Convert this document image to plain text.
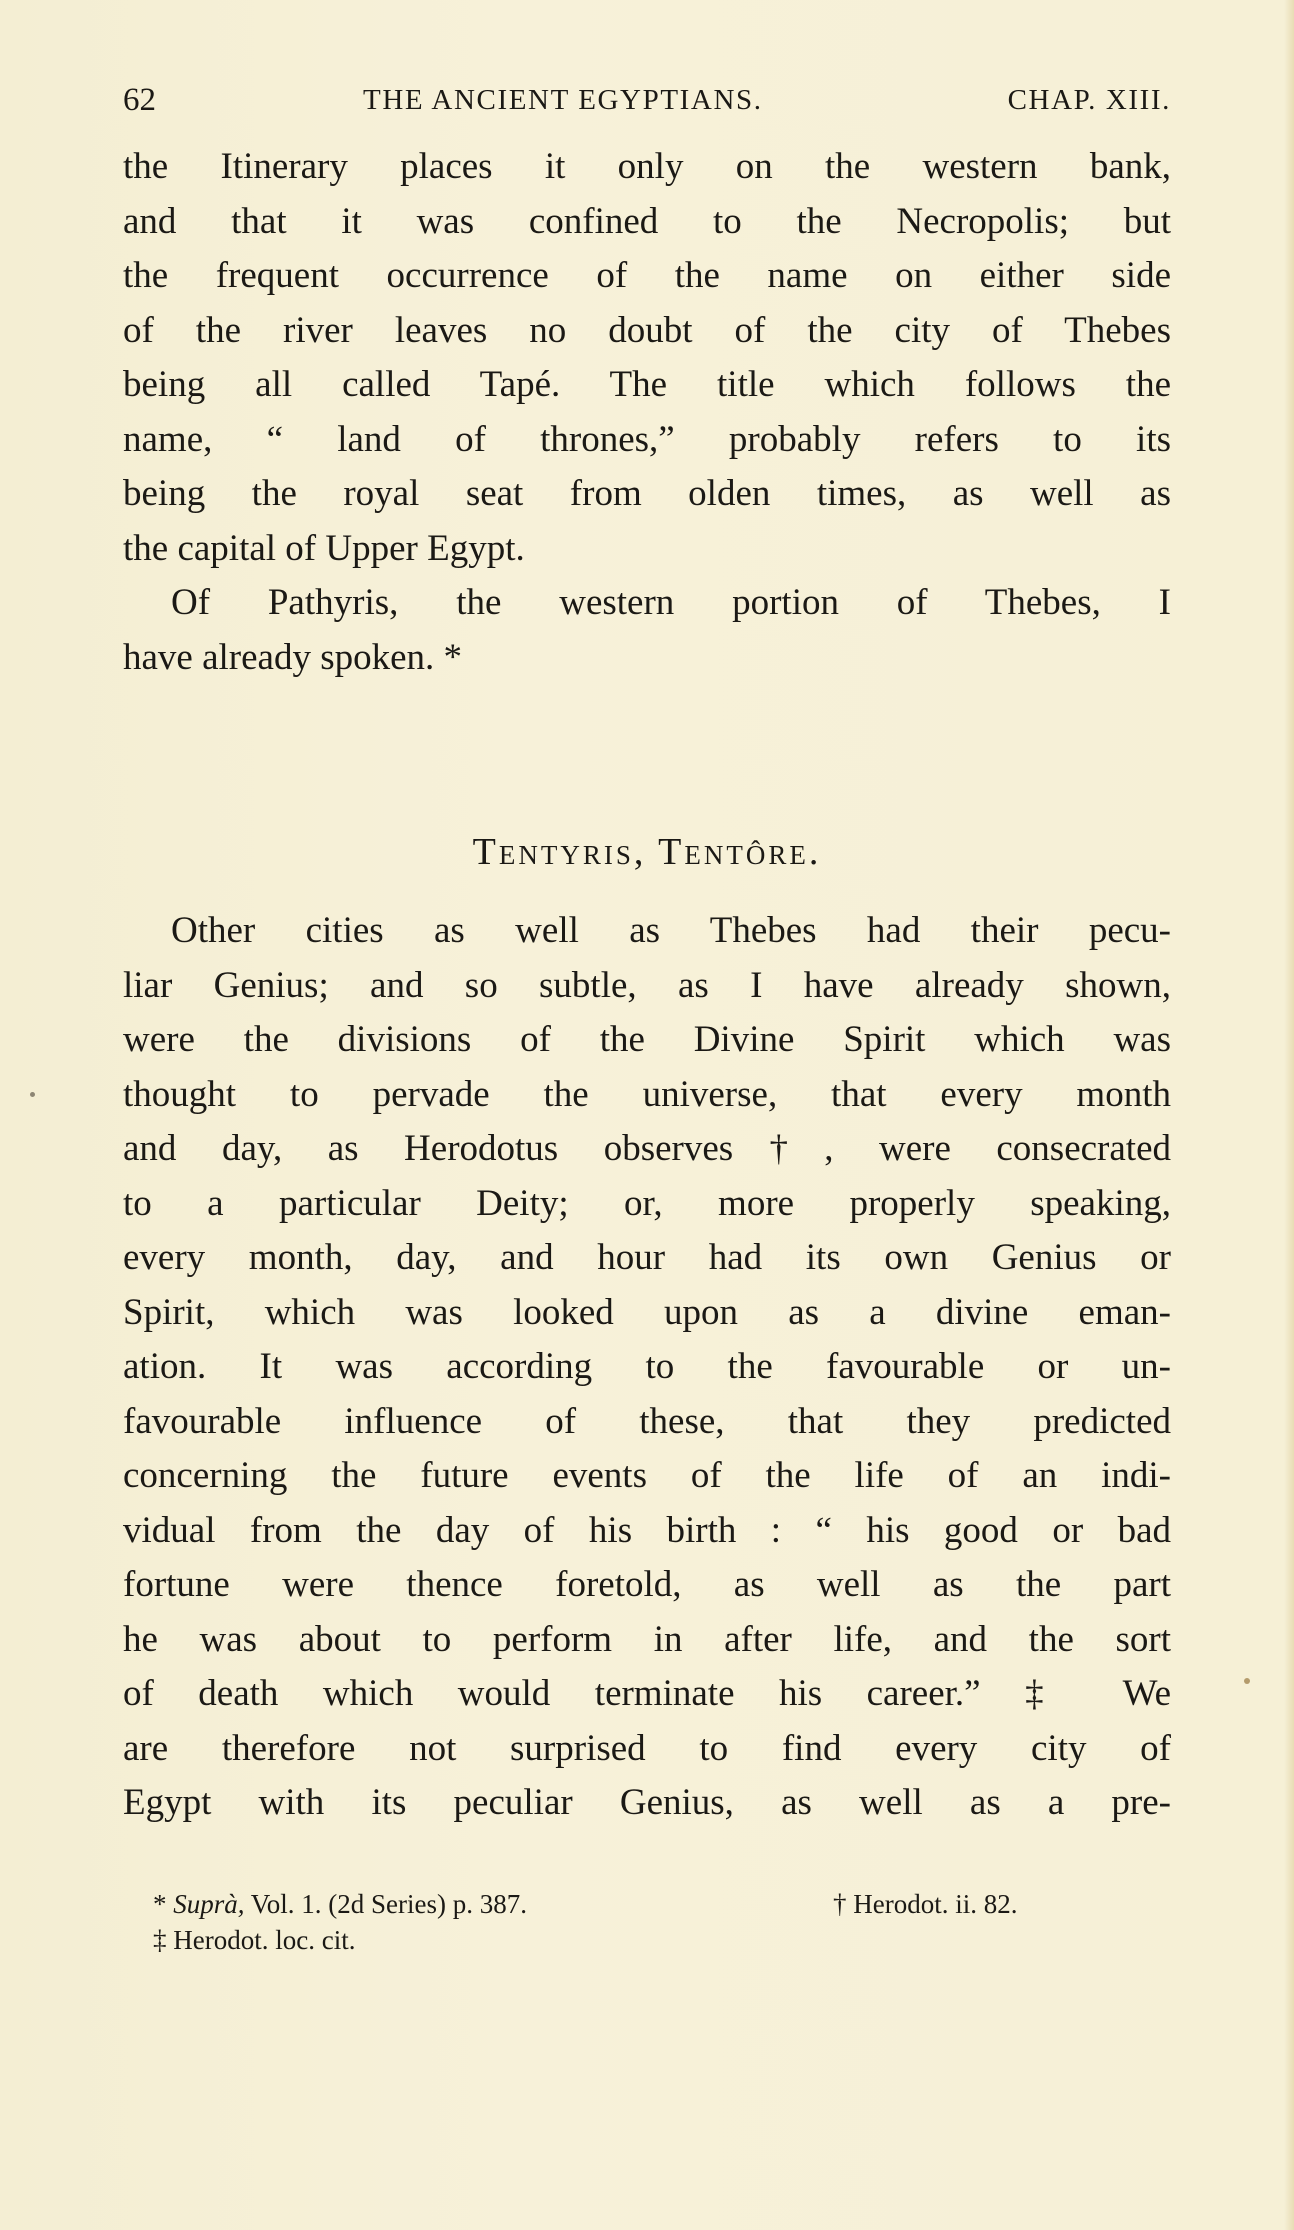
62	THE ANCIENT EGYPTIANS.	CHAP. XIII.
the Itinerary places it only on the western bank,
and that it was confined to the Necropolis; but
the frequent occurrence of the name on either side
of the river leaves no doubt of the city of Thebes
being all called Tapé. The title which follows the
name, “ land of thrones,” probably refers to its
being the royal seat from olden times, as well as
the capital of Upper Egypt.
Of Pathyris, the western portion of Thebes, I
have already spoken. *
Tentyris, Tentôre.
Other cities as well as Thebes had their pecu-
liar Genius; and so subtle, as I have already shown,
were the divisions of the Divine Spirit which was
thought to pervade the universe, that every month
and day, as Herodotus observes†, were consecrated
to a particular Deity; or, more properly speaking,
every month, day, and hour had its own Genius or
Spirit, which was looked upon as a divine eman-
ation. It was according to the favourable or un-
favourable influence of these, that they predicted
concerning the future events of the life of an indi-
vidual from the day of his birth : “ his good or bad
fortune were thence foretold, as well as the part
he was about to perform in after life, and the sort
of death which would terminate his career.” ‡ We
are therefore not surprised to find every city of
Egypt with its peculiar Genius, as well as a pre-
* Suprà, Vol. 1. (2d Series) p. 387.	† Herodot. ii. 82.
‡ Herodot. loc. cit.
